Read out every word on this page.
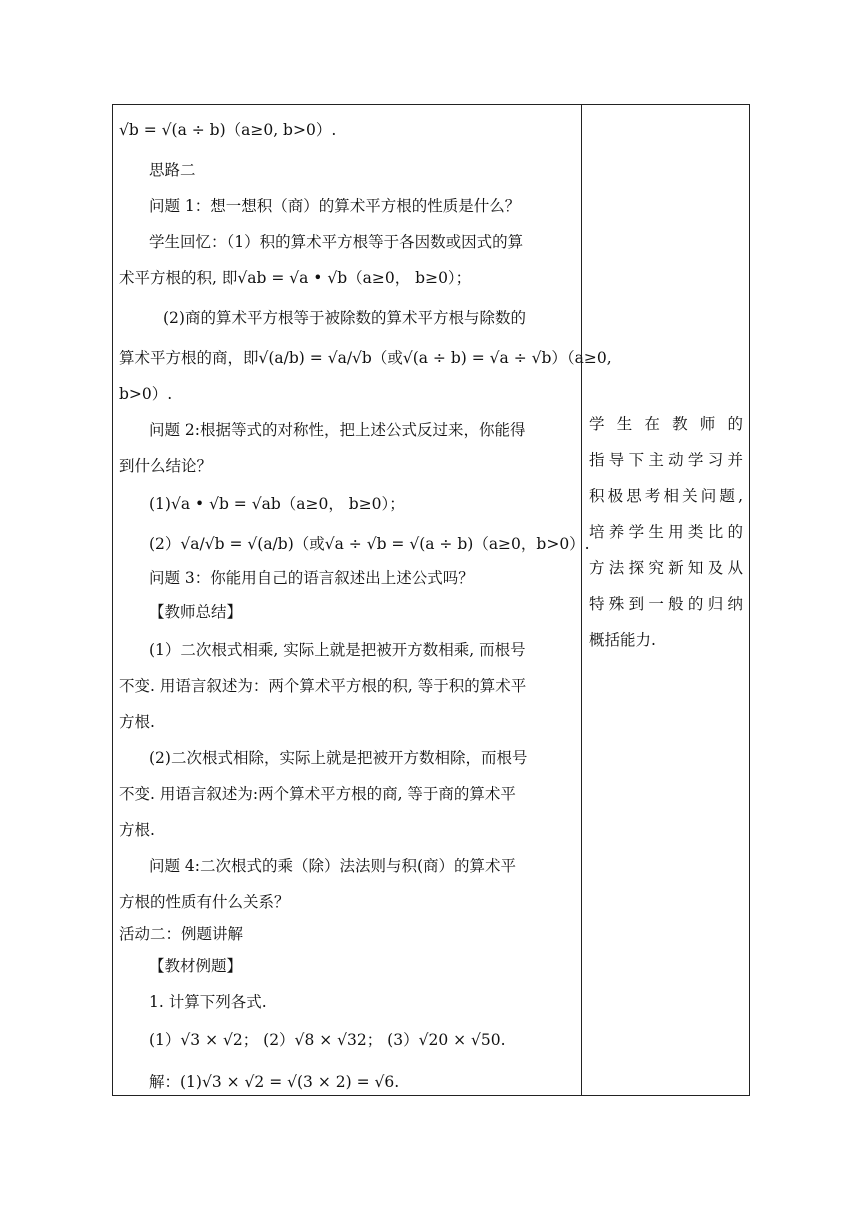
√b = √(a ÷ b)（a≥0, b>0）.
思路二
问题 1：想一想积（商）的算术平方根的性质是什么？
学生回忆：（1）积的算术平方根等于各因数或因式的算
术平方根的积, 即√ab = √a • √b（a≥0， b≥0）；
(2)商的算术平方根等于被除数的算术平方根与除数的
算术平方根的商，即√(a/b) = √a/√b（或√(a ÷ b) = √a ÷ √b）（a≥0,
b>0）.
问题 2:根据等式的对称性，把上述公式反过来，你能得
到什么结论？
(1)√a • √b = √ab（a≥0， b≥0）；
(2）√a/√b = √(a/b)（或√a ÷ √b = √(a ÷ b)（a≥0，b>0）.
问题 3：你能用自己的语言叙述出上述公式吗？
【教师总结】
(1）二次根式相乘, 实际上就是把被开方数相乘, 而根号
不变. 用语言叙述为：两个算术平方根的积, 等于积的算术平
方根.
(2)二次根式相除，实际上就是把被开方数相除，而根号
不变. 用语言叙述为:两个算术平方根的商, 等于商的算术平
方根.
问题 4:二次根式的乘（除）法法则与积(商）的算术平
方根的性质有什么关系？
活动二：例题讲解
【教材例题】
1. 计算下列各式.
(1）√3 × √2； (2）√8 × √32； (3）√20 × √50.
解：(1)√3 × √2 = √(3 × 2) = √6.
学生在教师的
指导下主动学习并
积极思考相关问题,
培养学生用类比的
方法探究新知及从
特殊到一般的归纳
概括能力.
